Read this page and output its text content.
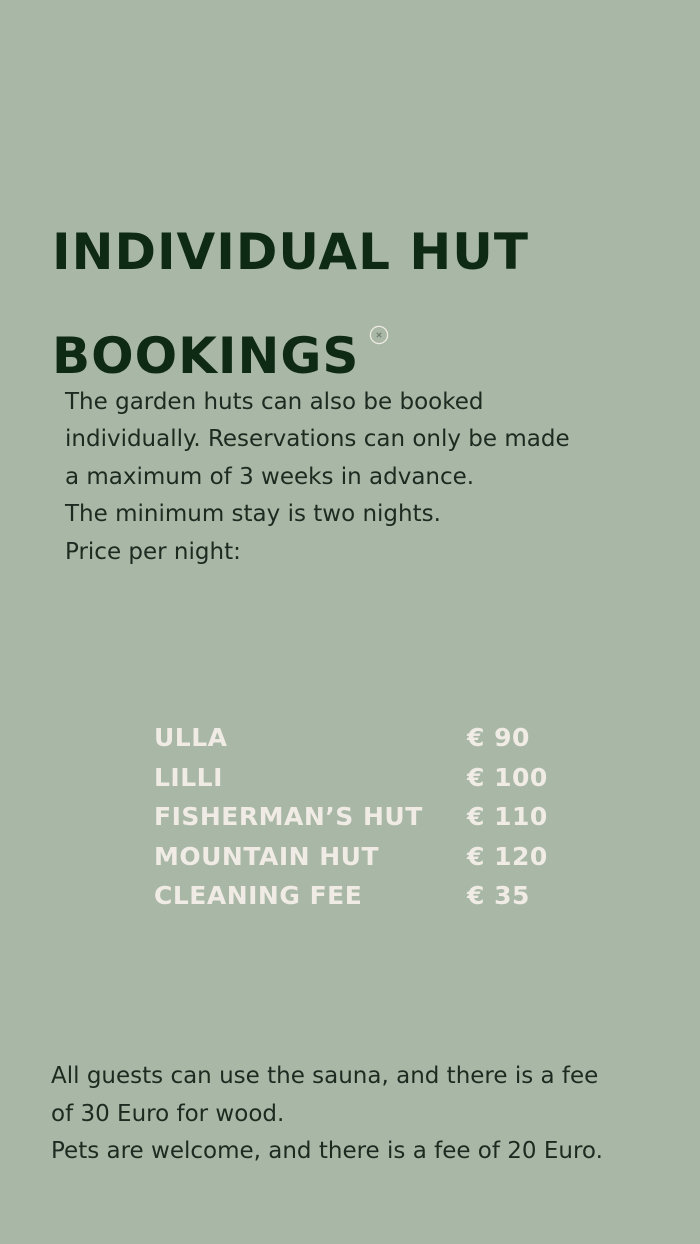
INDIVIDUAL HUT
BOOKINGS
The garden huts can also be booked
individually. Reservations can only be made
a maximum of 3 weeks in advance.
The minimum stay is two nights.
Price per night:
ULLA	€ 90
LILLI	€ 100
FISHERMAN’S HUT	€ 110
MOUNTAIN HUT	€ 120
CLEANING FEE	€ 35
All guests can use the sauna, and there is a fee
of 30 Euro for wood.
Pets are welcome, and there is a fee of 20 Euro.
